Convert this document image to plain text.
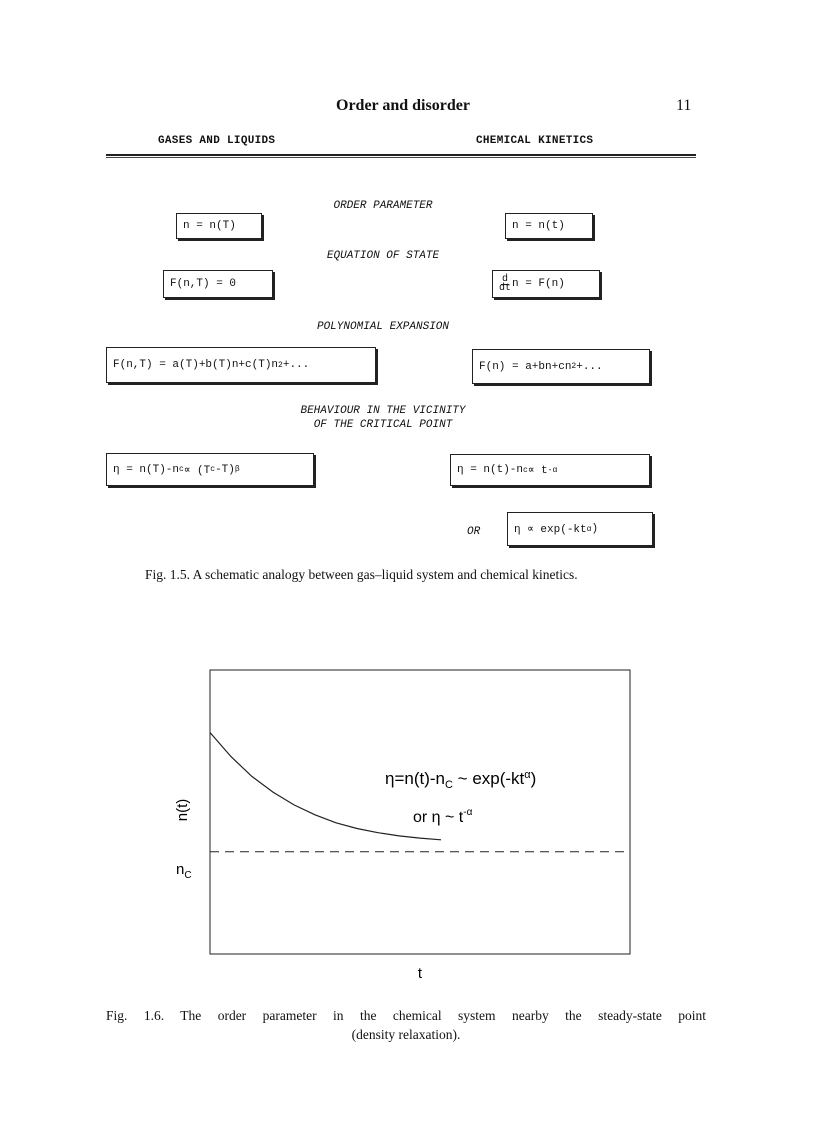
Order and disorder	11
GASES AND LIQUIDS	CHEMICAL KINETICS
ORDER PARAMETER
n = n(T)	n = n(t)
EQUATION OF STATE
F(n,T) = 0	$\frac{d}{dt}$ n = F(n)
POLYNOMIAL EXPANSION
F(n,T) = a(T)+b(T)n+c(T)n 2 +...	F(n) = a+bn+cn 2 +...
BEHAVIOUR IN THE VICINITY
OF THE CRITICAL POINT
η = n(T)-n c ∝ (T c -T) β	η = n(t)-n c ∝ t -α
OR	η ∝ exp(-kt α )
Fig. 1.5. A schematic analogy between gas–liquid system and chemical kinetics.
n(t)
$n_C$
$\eta=n(t)-n_C$ ~ $\exp(-kt^\alpha)$
or η ~ $t^{-\alpha}$
t
Fig. 1.6. The order parameter in the chemical system nearby the steady-state point
(density relaxation).
